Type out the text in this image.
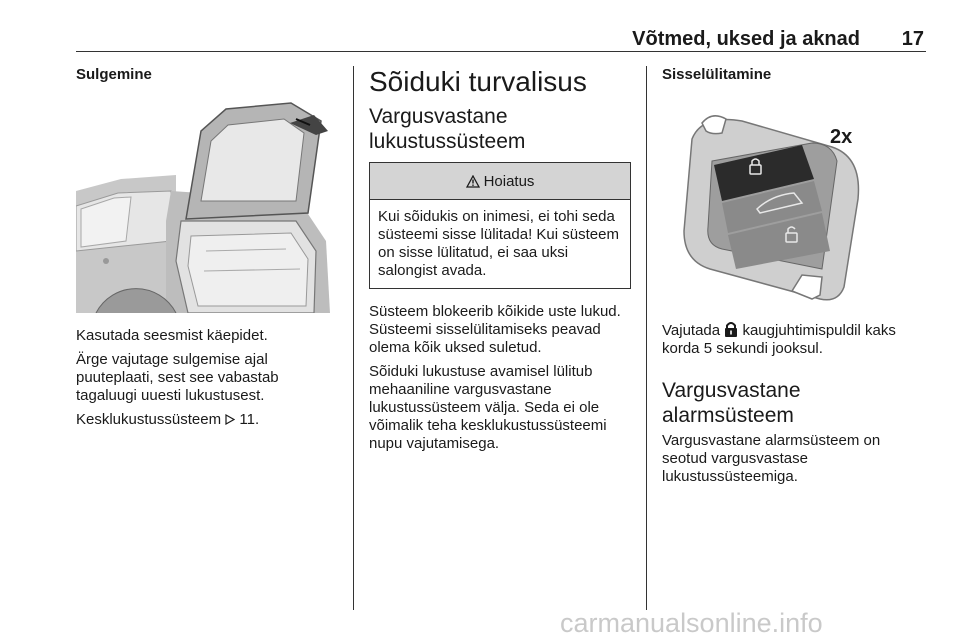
Võtmed, uksed ja aknad	17
Sulgemine

Kasutada seesmist käepidet.

Ärge vajutage sulgemise ajal puuteplaati, sest see vabastab tagaluugi uuesti lukustusest.

Kesklukustussüsteem 11.

Sõiduki turvalisus
Vargusvastane lukustussüsteem
Hoiatus
Kui sõidukis on inimesi, ei tohi seda süsteemi sisse lülitada! Kui süsteem on sisse lülitatud, ei saa uksi salongist avada.

Süsteem blokeerib kõikide uste lukud. Süsteemi sisselülitamiseks peavad olema kõik uksed suletud.

Sõiduki lukustuse avamisel lülitub mehaaniline vargusvastane lukustussüsteem välja. Seda ei ole võimalik teha kesklukustussüsteemi nupu vajutamisega.

Sisselülitamine
2x

Vajutada kaugjuhtimispuldil kaks korda 5 sekundi jooksul.

Vargusvastane alarmsüsteem

Vargusvastane alarmsüsteem on seotud vargusvastase lukustussüsteemiga.

carmanualsonline.info
